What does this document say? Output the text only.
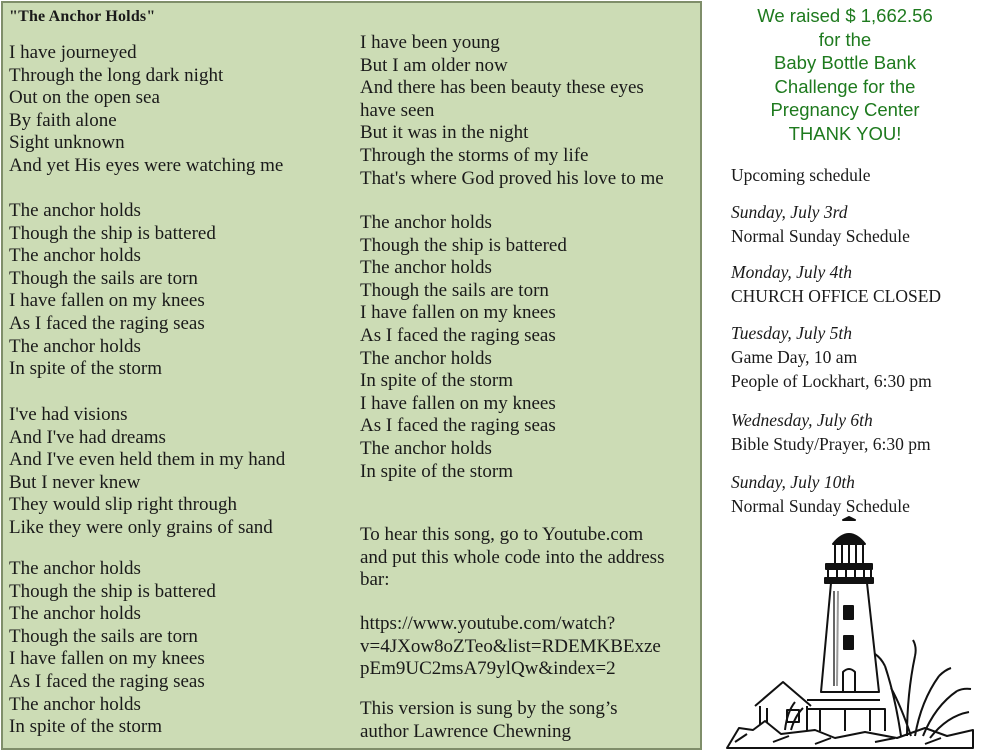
"The Anchor Holds"
I have journeyed
Through the long dark night
Out on the open sea
By faith alone
Sight unknown
And yet His eyes were watching me
The anchor holds
Though the ship is battered
The anchor holds
Though the sails are torn
I have fallen on my knees
As I faced the raging seas
The anchor holds
In spite of the storm
I've had visions
And I've had dreams
And I've even held them in my hand
But I never knew
They would slip right through
Like they were only grains of sand
The anchor holds
Though the ship is battered
The anchor holds
Though the sails are torn
I have fallen on my knees
As I faced the raging seas
The anchor holds
In spite of the storm
I have been young
But I am older now
And there has been beauty these eyes
have seen
But it was in the night
Through the storms of my life
That's where God proved his love to me
The anchor holds
Though the ship is battered
The anchor holds
Though the sails are torn
I have fallen on my knees
As I faced the raging seas
The anchor holds
In spite of the storm
I have fallen on my knees
As I faced the raging seas
The anchor holds
In spite of the storm
To hear this song, go to Youtube.com
and put this whole code into the address
bar:
https://www.youtube.com/watch?
v=4JXow8oZTeo&list=RDEMKBExze
pEm9UC2msA79ylQw&index=2
This version is sung by the song’s
author Lawrence Chewning
We raised $ 1,662.56
for the
Baby Bottle Bank
Challenge for the
Pregnancy Center
THANK YOU!
Upcoming schedule
Sunday, July 3rd
Normal Sunday Schedule
Monday, July 4th
CHURCH OFFICE CLOSED
Tuesday, July 5th
Game Day, 10 am
People of Lockhart, 6:30 pm
Wednesday, July 6th
Bible Study/Prayer, 6:30 pm
Sunday, July 10th
Normal Sunday Schedule
